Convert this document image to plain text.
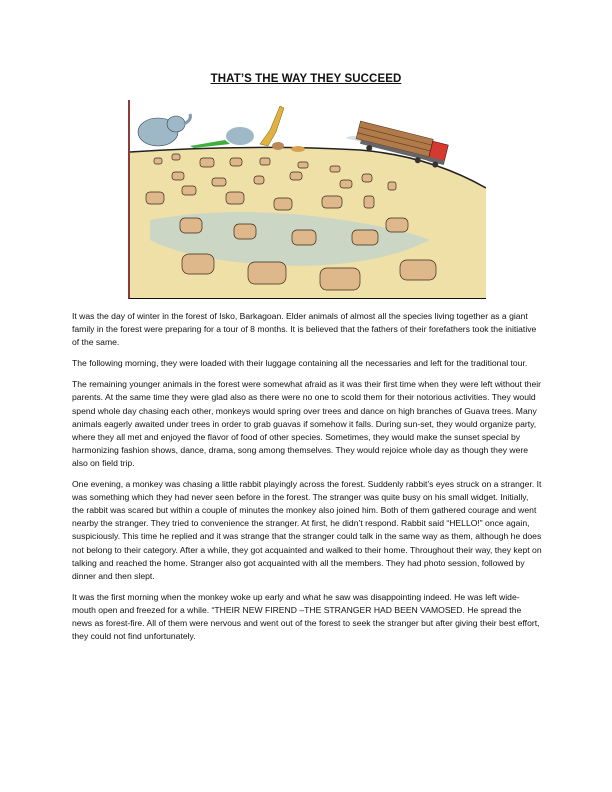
THAT’S THE WAY THEY SUCCEED

It was the day of winter in the forest of Isko, Barkagoan. Elder animals of almost all the species living together as a giant family in the forest were preparing for a tour of 8 months. It is believed that the fathers of their forefathers took the initiative of the same.

The following morning, they were loaded with their luggage containing all the necessaries and left for the traditional tour.

The remaining younger animals in the forest were somewhat afraid as it was their first time when they were left without their parents. At the same time they were glad also as there were no one to scold them for their notorious activities. They would spend whole day chasing each other, monkeys would spring over trees and dance on high branches of Guava trees. Many animals eagerly awaited under trees in order to grab guavas if somehow it falls. During sun-set, they would organize party, where they all met and enjoyed the flavor of food of other species. Sometimes, they would make the sunset special by harmonizing fashion shows, dance, drama, song among themselves. They would rejoice whole day as though they were also on field trip.

One evening, a monkey was chasing a little rabbit playingly across the forest. Suddenly rabbit’s eyes struck on a stranger. It was something which they had never seen before in the forest. The stranger was quite busy on his small widget. Initially, the rabbit was scared but within a couple of minutes the monkey also joined him. Both of them gathered courage and went nearby the stranger. They tried to convenience the stranger. At first, he didn’t respond. Rabbit said “HELLO!” once again, suspiciously. This time he replied and it was strange that the stranger could talk in the same way as them, although he does not belong to their category. After a while, they got acquainted and walked to their home. Throughout their way, they kept on talking and reached the home. Stranger also got acquainted with all the members. They had photo session, followed by dinner and then slept.

It was the first morning when the monkey woke up early and what he saw was disappointing indeed. He was left wide-mouth open and freezed for a while. “THEIR NEW FIREND –THE STRANGER HAD BEEN VAMOSED. He spread the news as forest-fire. All of them were nervous and went out of the forest to seek the stranger but after giving their best effort, they could not find unfortunately.
